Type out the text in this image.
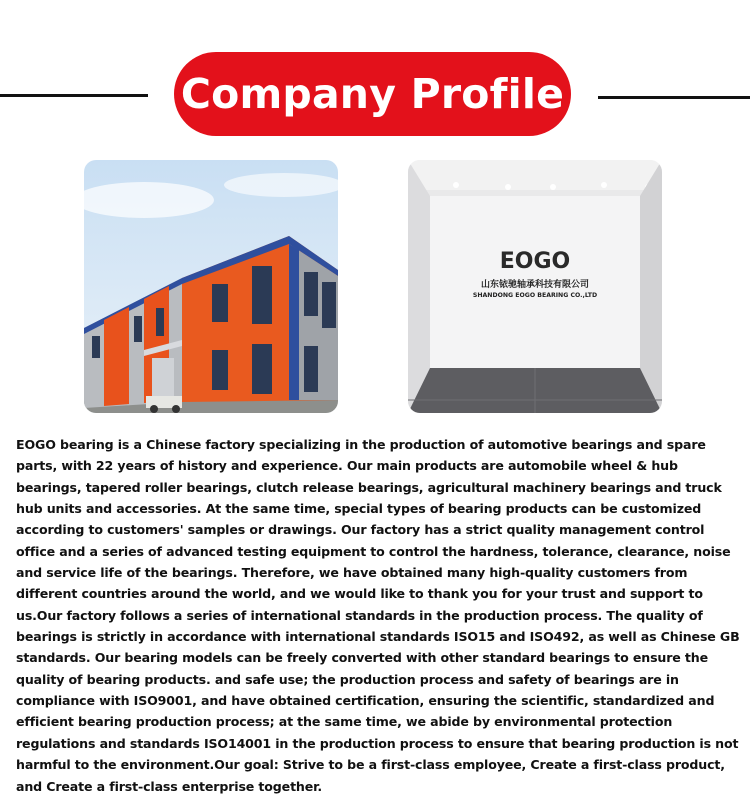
Company Profile
EOGO
山东铱驰轴承科技有限公司
SHANDONG EOGO BEARING CO.,LTD
EOGO bearing is a Chinese factory specializing in the production of automotive bearings and spare parts, with 22 years of history and experience. Our main products are automobile wheel & hub bearings, tapered roller bearings, clutch release bearings, agricultural machinery bearings and truck hub units and accessories. At the same time, special types of bearing products can be customized according to customers' samples or drawings. Our factory has a strict quality management control office and a series of advanced testing equipment to control the hardness, tolerance, clearance, noise and service life of the bearings. Therefore, we have obtained many high-quality customers from different countries around the world, and we would like to thank you for your trust and support to us.Our factory follows a series of international standards in the production process. The quality of bearings is strictly in accordance with international standards ISO15 and ISO492, as well as Chinese GB standards. Our bearing models can be freely converted with other standard bearings to ensure the quality of bearing products. and safe use; the production process and safety of bearings are in compliance with ISO9001, and have obtained certification, ensuring the scientific, standardized and efficient bearing production process; at the same time, we abide by environmental protection regulations and standards ISO14001 in the production process to ensure that bearing production is not harmful to the environment.Our goal: Strive to be a first-class employee, Create a first-class product, and Create a first-class enterprise together.
